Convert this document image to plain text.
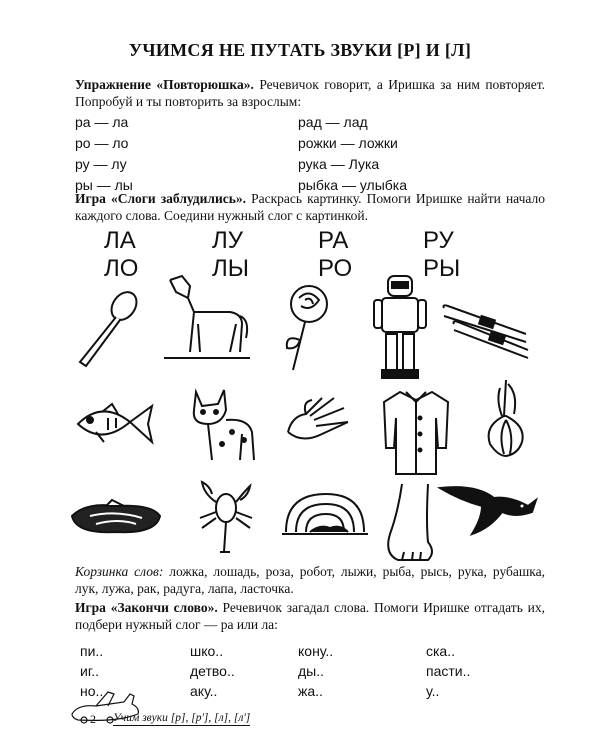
УЧИМСЯ НЕ ПУТАТЬ ЗВУКИ [Р] И [Л]
Упражнение «Повторюшка». Речевичок говорит, а Иришка за ним повторяет. Попробуй и ты повторить за взрослым:
ра — ла
ро — ло
ру — лу
ры — лы
рад — лад
рожки — ложки
рука — Лука
рыбка — улыбка
Игра «Слоги заблудились». Раскрась картинку. Помоги Иришке найти начало каждого слова. Соедини нужный слог с картинкой.
ЛА
ЛО
ЛУ
ЛЫ
РА
РО
РУ
РЫ
Корзинка слов: ложка, лошадь, роза, робот, лыжи, рыба, рысь, рука, рубашка, лук, лужа, рак, радуга, лапа, ласточка.
Игра «Закончи слово». Речевичок загадал слова. Помоги Иришке отгадать их, подбери нужный слог — ра или ла:
пи..
иг..
но..
шко..
детво..
аку..
кону..
ды..
жа..
ска..
пасти..
у..
2 Учим звуки [р], [р'], [л], [л']
